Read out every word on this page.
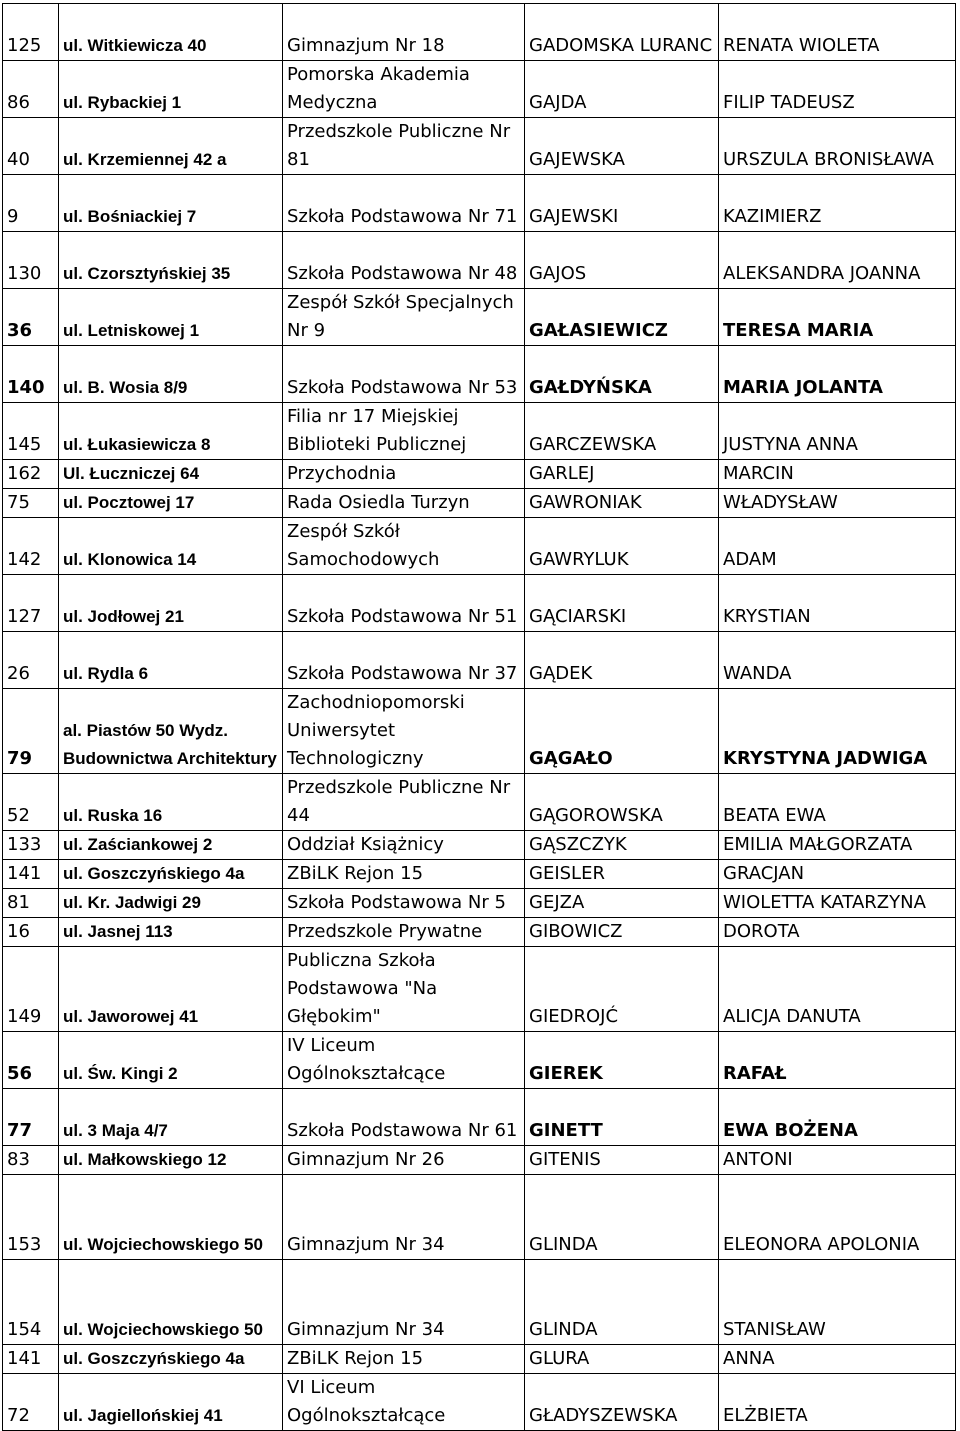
125	ul. Witkiewicza 40	Gimnazjum Nr 18	GADOMSKA LURANC	RENATA WIOLETA
86	ul. Rybackiej 1	Pomorska Akademia Medyczna	GAJDA	FILIP TADEUSZ
40	ul. Krzemiennej 42 a	Przedszkole Publiczne Nr 81	GAJEWSKA	URSZULA BRONISŁAWA
9	ul. Bośniackiej 7	Szkoła Podstawowa Nr 71	GAJEWSKI	KAZIMIERZ
130	ul. Czorsztyńskiej 35	Szkoła Podstawowa Nr 48	GAJOS	ALEKSANDRA JOANNA
36	ul. Letniskowej 1	Zespół Szkół Specjalnych Nr 9	GAŁASIEWICZ	TERESA MARIA
140	ul. B. Wosia 8/9	Szkoła Podstawowa Nr 53	GAŁDYŃSKA	MARIA JOLANTA
145	ul. Łukasiewicza 8	Filia nr 17 Miejskiej Biblioteki Publicznej	GARCZEWSKA	JUSTYNA ANNA
162	Ul. Łuczniczej 64	Przychodnia	GARLEJ	MARCIN
75	ul. Pocztowej 17	Rada Osiedla Turzyn	GAWRONIAK	WŁADYSŁAW
142	ul. Klonowica 14	Zespół Szkół Samochodowych	GAWRYLUK	ADAM
127	ul. Jodłowej 21	Szkoła Podstawowa Nr 51	GĄCIARSKI	KRYSTIAN
26	ul. Rydla 6	Szkoła Podstawowa Nr 37	GĄDEK	WANDA
79	al. Piastów 50 Wydz. Budownictwa Architektury	Zachodniopomorski Uniwersytet Technologiczny	GĄGAŁO	KRYSTYNA JADWIGA
52	ul. Ruska 16	Przedszkole Publiczne Nr 44	GĄGOROWSKA	BEATA EWA
133	ul. Zaściankowej 2	Oddział Książnicy	GĄSZCZYK	EMILIA MAŁGORZATA
141	ul. Goszczyńskiego 4a	ZBiLK Rejon 15	GEISLER	GRACJAN
81	ul. Kr. Jadwigi 29	Szkoła Podstawowa Nr 5	GEJZA	WIOLETTA KATARZYNA
16	ul. Jasnej 113	Przedszkole Prywatne	GIBOWICZ	DOROTA
149	ul. Jaworowej 41	Publiczna Szkoła Podstawowa "Na Głębokim"	GIEDROJĆ	ALICJA DANUTA
56	ul. Św. Kingi 2	IV Liceum Ogólnokształcące	GIEREK	RAFAŁ
77	ul. 3 Maja 4/7	Szkoła Podstawowa Nr 61	GINETT	EWA BOŻENA
83	ul. Małkowskiego 12	Gimnazjum Nr 26	GITENIS	ANTONI
153	ul. Wojciechowskiego 50	Gimnazjum Nr 34	GLINDA	ELEONORA APOLONIA
154	ul. Wojciechowskiego 50	Gimnazjum Nr 34	GLINDA	STANISŁAW
141	ul. Goszczyńskiego 4a	ZBiLK Rejon 15	GLURA	ANNA
72	ul. Jagiellońskiej 41	VI Liceum Ogólnokształcące	GŁADYSZEWSKA	ELŻBIETA
